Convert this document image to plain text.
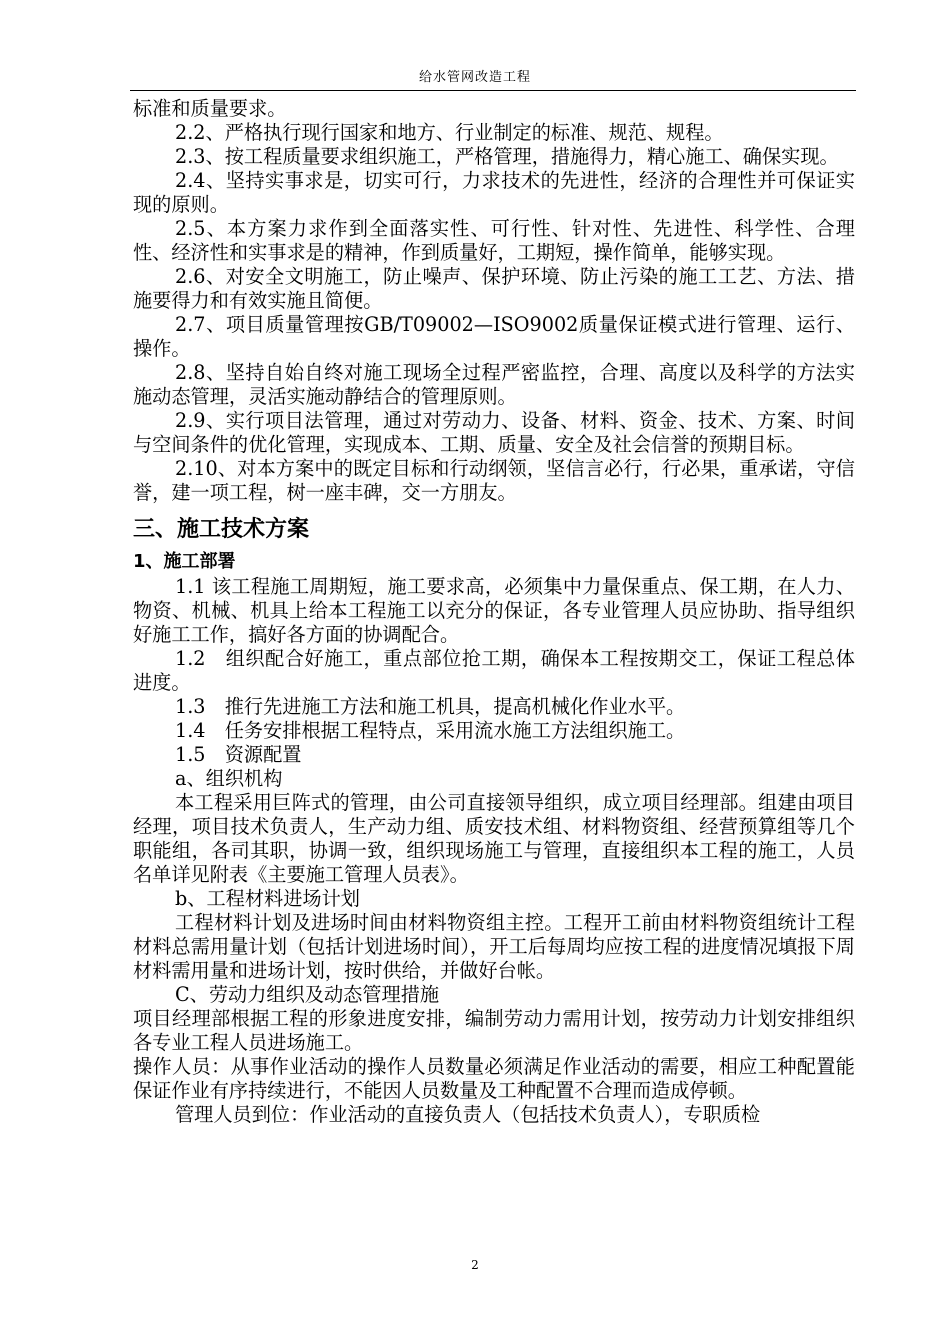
给水管网改造工程

标准和质量要求。

2.2、严格执行现行国家和地方、行业制定的标准、规范、规程。

2.3、按工程质量要求组织施工，严格管理，措施得力，精心施工、确保实现。

2.4、坚持实事求是，切实可行，力求技术的先进性，经济的合理性并可保证实现的原则。

2.5、本方案力求作到全面落实性、可行性、针对性、先进性、科学性、合理性、经济性和实事求是的精神，作到质量好，工期短，操作简单，能够实现。

2.6、对安全文明施工，防止噪声、保护环境、防止污染的施工工艺、方法、措施要得力和有效实施且简便。

2.7、项目质量管理按GB/T09002—ISO9002质量保证模式进行管理、运行、操作。

2.8、坚持自始自终对施工现场全过程严密监控，合理、高度以及科学的方法实施动态管理，灵活实施动静结合的管理原则。

2.9、实行项目法管理，通过对劳动力、设备、材料、资金、技术、方案、时间与空间条件的优化管理，实现成本、工期、质量、安全及社会信誉的预期目标。

2.10、对本方案中的既定目标和行动纲领，坚信言必行，行必果，重承诺，守信誉，建一项工程，树一座丰碑，交一方朋友。

三、施工技术方案

1、施工部署

1.1 该工程施工周期短，施工要求高，必须集中力量保重点、保工期，在人力、物资、机械、机具上给本工程施工以充分的保证，各专业管理人员应协助、指导组织好施工工作，搞好各方面的协调配合。

1.2　组织配合好施工，重点部位抢工期，确保本工程按期交工，保证工程总体进度。

1.3　推行先进施工方法和施工机具，提高机械化作业水平。

1.4　任务安排根据工程特点，采用流水施工方法组织施工。

1.5　资源配置

a、组织机构

本工程采用巨阵式的管理，由公司直接领导组织，成立项目经理部。组建由项目经理，项目技术负责人，生产动力组、质安技术组、材料物资组、经营预算组等几个职能组，各司其职，协调一致，组织现场施工与管理，直接组织本工程的施工，人员名单详见附表《主要施工管理人员表》。

b、工程材料进场计划

工程材料计划及进场时间由材料物资组主控。工程开工前由材料物资组统计工程材料总需用量计划（包括计划进场时间），开工后每周均应按工程的进度情况填报下周材料需用量和进场计划，按时供给，并做好台帐。

C、劳动力组织及动态管理措施

项目经理部根据工程的形象进度安排，编制劳动力需用计划，按劳动力计划安排组织各专业工程人员进场施工。

操作人员：从事作业活动的操作人员数量必须满足作业活动的需要，相应工种配置能保证作业有序持续进行，不能因人员数量及工种配置不合理而造成停顿。

管理人员到位：作业活动的直接负责人（包括技术负责人），专职质检

2
